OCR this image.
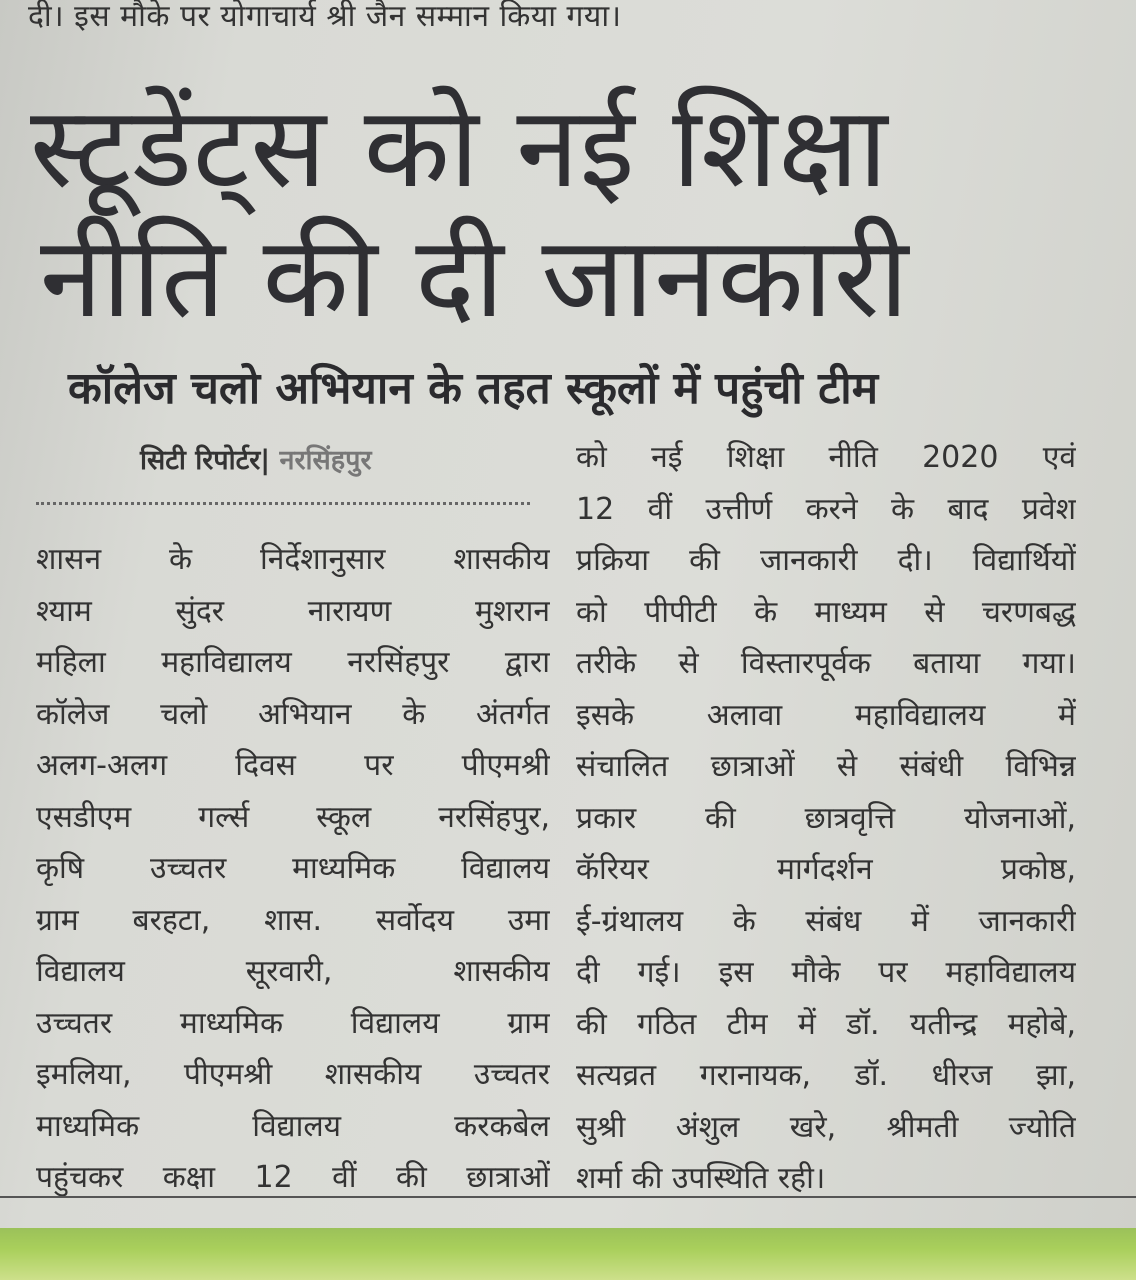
दी। इस मौके पर योगाचार्य श्री जैन सम्मान किया गया।
स्टूडेंट्स को नई शिक्षा
नीति की दी जानकारी
कॉलेज चलो अभियान के तहत स्कूलों में पहुंची टीम
सिटी रिपोर्टर| नरसिंहपुर
शासन के निर्देशानुसार शासकीय
श्याम सुंदर नारायण मुशरान
महिला महाविद्यालय नरसिंहपुर द्वारा
कॉलेज चलो अभियान के अंतर्गत
अलग-अलग दिवस पर पीएमश्री
एसडीएम गर्ल्स स्कूल नरसिंहपुर,
कृषि उच्चतर माध्यमिक विद्यालय
ग्राम बरहटा, शास. सर्वोदय उमा
विद्यालय सूरवारी, शासकीय
उच्चतर माध्यमिक विद्यालय ग्राम
इमलिया, पीएमश्री शासकीय उच्चतर
माध्यमिक विद्यालय करकबेल
पहुंचकर कक्षा 12 वीं की छात्राओं
को नई शिक्षा नीति 2020 एवं
12 वीं उत्तीर्ण करने के बाद प्रवेश
प्रक्रिया की जानकारी दी। विद्यार्थियों
को पीपीटी के माध्यम से चरणबद्ध
तरीके से विस्तारपूर्वक बताया गया।
इसके अलावा महाविद्यालय में
संचालित छात्राओं से संबंधी विभिन्न
प्रकार की छात्रवृत्ति योजनाओं,
कॅरियर मार्गदर्शन प्रकोष्ठ,
ई-ग्रंथालय के संबंध में जानकारी
दी गई। इस मौके पर महाविद्यालय
की गठित टीम में डॉ. यतीन्द्र महोबे,
सत्यव्रत गरानायक, डॉ. धीरज झा,
सुश्री अंशुल खरे, श्रीमती ज्योति
शर्मा की उपस्थिति रही।
